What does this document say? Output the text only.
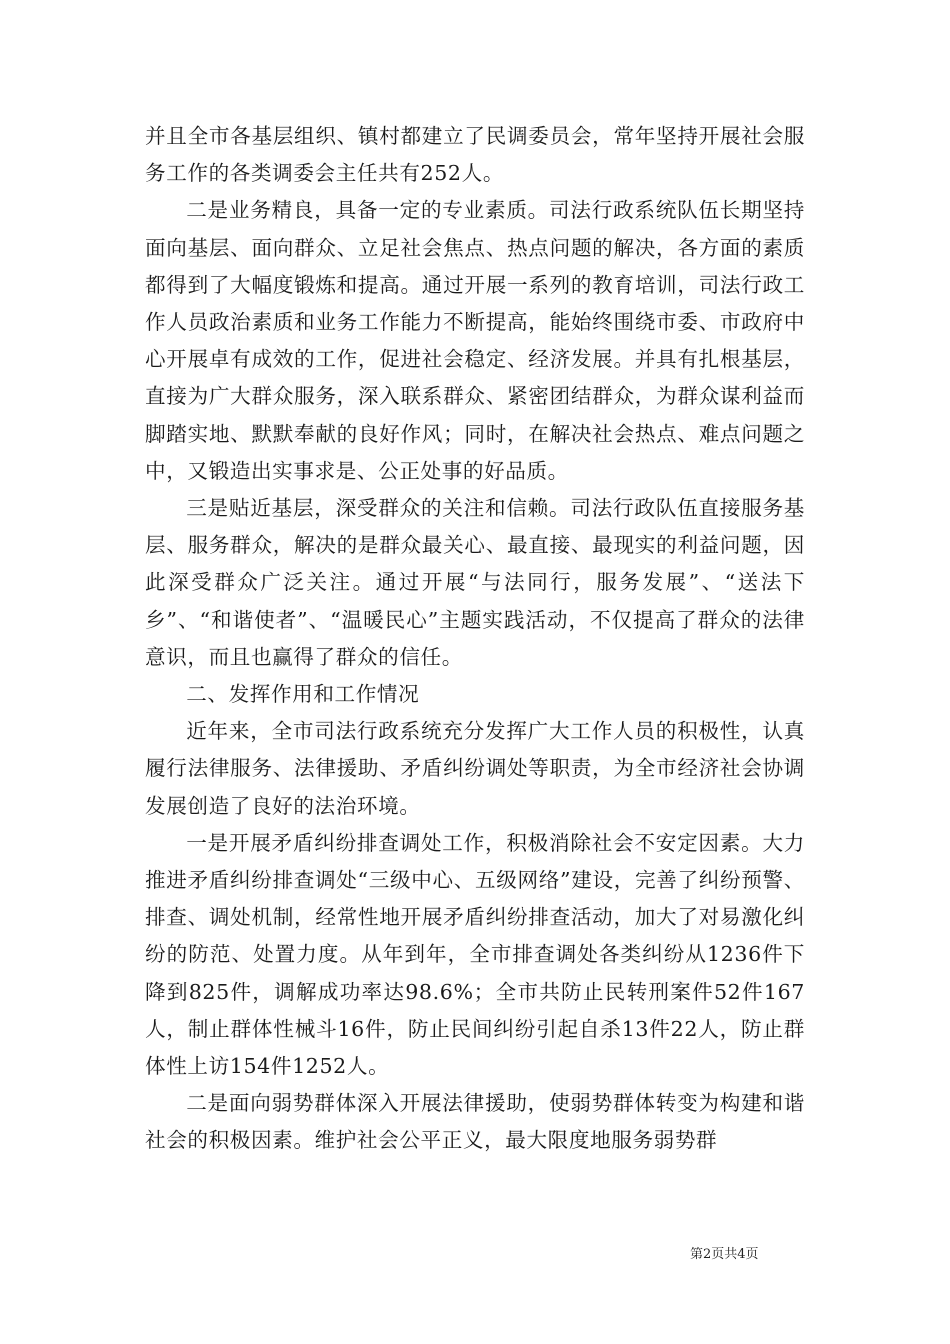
并且全市各基层组织、镇村都建立了民调委员会，常年坚持开展社会服务工作的各类调委会主任共有252人。

二是业务精良，具备一定的专业素质。司法行政系统队伍长期坚持面向基层、面向群众、立足社会焦点、热点问题的解决，各方面的素质都得到了大幅度锻炼和提高。通过开展一系列的教育培训，司法行政工作人员政治素质和业务工作能力不断提高，能始终围绕市委、市政府中心开展卓有成效的工作，促进社会稳定、经济发展。并具有扎根基层，直接为广大群众服务，深入联系群众、紧密团结群众，为群众谋利益而脚踏实地、默默奉献的良好作风；同时，在解决社会热点、难点问题之中，又锻造出实事求是、公正处事的好品质。

三是贴近基层，深受群众的关注和信赖。司法行政队伍直接服务基层、服务群众，解决的是群众最关心、最直接、最现实的利益问题，因此深受群众广泛关注。通过开展“与法同行，服务发展”、“送法下乡”、“和谐使者”、“温暖民心”主题实践活动，不仅提高了群众的法律意识，而且也赢得了群众的信任。

二、发挥作用和工作情况

近年来，全市司法行政系统充分发挥广大工作人员的积极性，认真履行法律服务、法律援助、矛盾纠纷调处等职责，为全市经济社会协调发展创造了良好的法治环境。

一是开展矛盾纠纷排查调处工作，积极消除社会不安定因素。大力推进矛盾纠纷排查调处“三级中心、五级网络”建设，完善了纠纷预警、排查、调处机制，经常性地开展矛盾纠纷排查活动，加大了对易激化纠纷的防范、处置力度。从年到年，全市排查调处各类纠纷从1236件下降到825件，调解成功率达98.6%；全市共防止民转刑案件52件167人，制止群体性械斗16件，防止民间纠纷引起自杀13件22人，防止群体性上访154件1252人。

二是面向弱势群体深入开展法律援助，使弱势群体转变为构建和谐社会的积极因素。维护社会公平正义，最大限度地服务弱势群

第2页共4页
